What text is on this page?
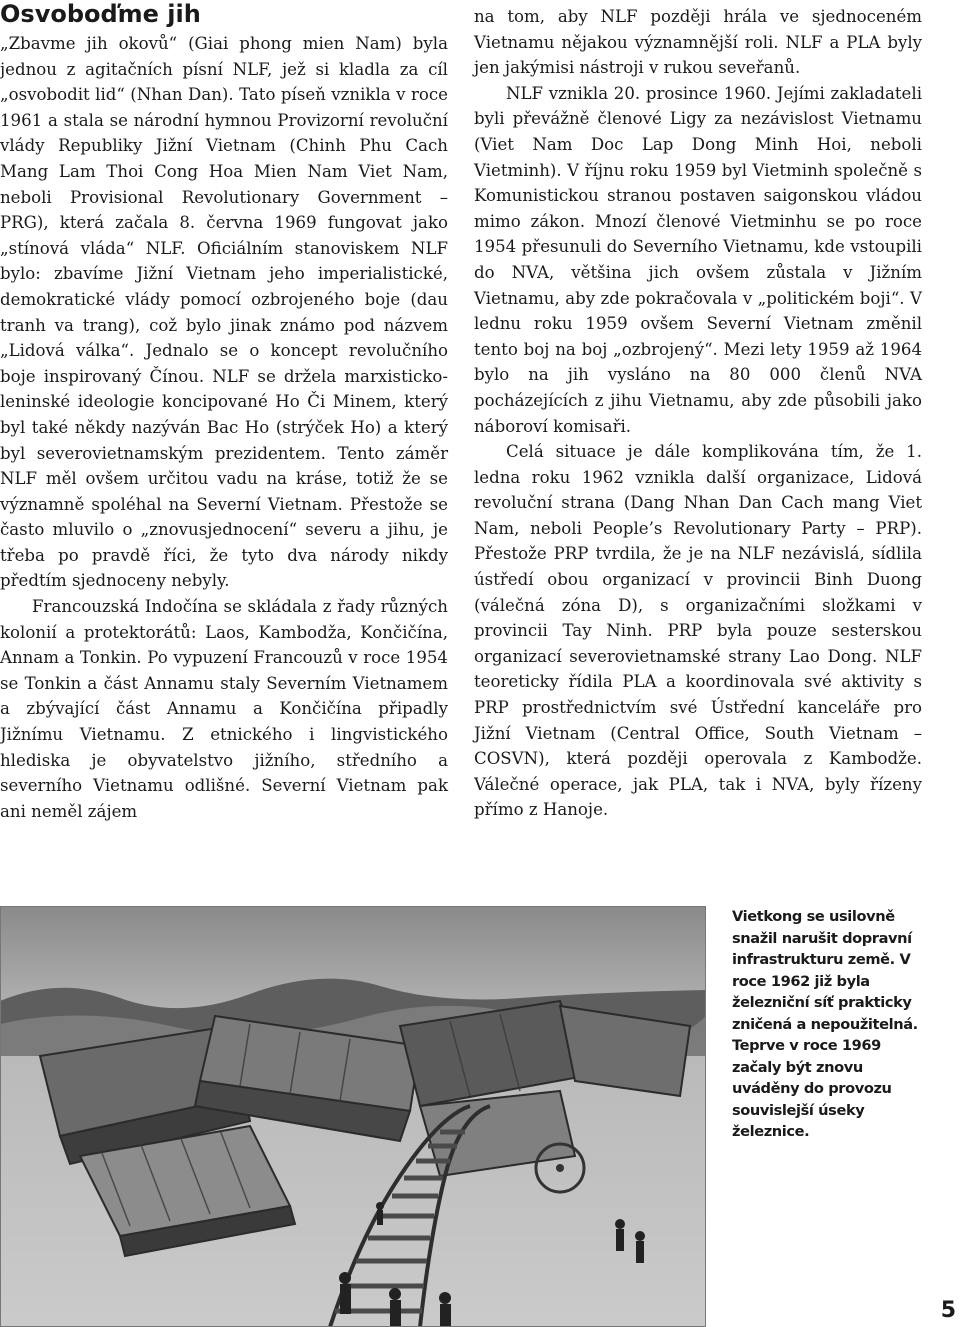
Osvoboďme jih

„Zbavme jih okovů“ (Giai phong mien Nam) byla jednou z agitačních písní NLF, jež si kladla za cíl „osvobodit lid“ (Nhan Dan). Tato píseň vznikla v roce 1961 a stala se národní hymnou Provizorní revoluční vlády Republiky Jižní Vietnam (Chinh Phu Cach Mang Lam Thoi Cong Hoa Mien Nam Viet Nam, neboli Provisional Revolutionary Government – PRG), která začala 8. června 1969 fungovat jako „stínová vláda“ NLF. Oficiálním stanoviskem NLF bylo: zbavíme Jižní Vietnam jeho imperialistické, demokratické vlády pomocí ozbrojeného boje (dau tranh va trang), což bylo jinak známo pod názvem „Lidová válka“. Jednalo se o koncept revolučního boje inspirovaný Čínou. NLF se držela marxisticko-leninské ideologie koncipované Ho Či Minem, který byl také někdy nazýván Bac Ho (strýček Ho) a který byl severovietnamským prezidentem. Tento záměr NLF měl ovšem určitou vadu na kráse, totiž že se významně spoléhal na Severní Vietnam. Přestože se často mluvilo o „znovusjednocení“ severu a jihu, je třeba po pravdě říci, že tyto dva národy nikdy předtím sjednoceny nebyly.

Francouzská Indočína se skládala z řady různých kolonií a protektorátů: Laos, Kambodža, Končičína, Annam a Tonkin. Po vypuzení Francouzů v roce 1954 se Tonkin a část Annamu staly Severním Vietnamem a zbývající část Annamu a Končičína připadly Jižnímu Vietnamu. Z etnického i lingvistického hlediska je obyvatelstvo jižního, středního a severního Vietnamu odlišné. Severní Vietnam pak ani neměl zájem

na tom, aby NLF později hrála ve sjednoceném Vietnamu nějakou významnější roli. NLF a PLA byly jen jakýmisi nástroji v rukou seveřanů.

NLF vznikla 20. prosince 1960. Jejími zakladateli byli převážně členové Ligy za nezávislost Vietnamu (Viet Nam Doc Lap Dong Minh Hoi, neboli Vietminh). V říjnu roku 1959 byl Vietminh společně s Komunistickou stranou postaven saigonskou vládou mimo zákon. Mnozí členové Vietminhu se po roce 1954 přesunuli do Severního Vietnamu, kde vstoupili do NVA, většina jich ovšem zůstala v Jižním Vietnamu, aby zde pokračovala v „politickém boji“. V lednu roku 1959 ovšem Severní Vietnam změnil tento boj na boj „ozbrojený“. Mezi lety 1959 až 1964 bylo na jih vysláno na 80 000 členů NVA pocházejících z jihu Vietnamu, aby zde působili jako náboroví komisaři.

Celá situace je dále komplikována tím, že 1. ledna roku 1962 vznikla další organizace, Lidová revoluční strana (Dang Nhan Dan Cach mang Viet Nam, neboli People’s Revolutionary Party – PRP). Přestože PRP tvrdila, že je na NLF nezávislá, sídlila ústředí obou organizací v provincii Binh Duong (válečná zóna D), s organizačními složkami v provincii Tay Ninh. PRP byla pouze sesterskou organizací severovietnamské strany Lao Dong. NLF teoreticky řídila PLA a koordinovala své aktivity s PRP prostřednictvím své Ústřední kanceláře pro Jižní Vietnam (Central Office, South Vietnam – COSVN), která později operovala z Kambodže. Válečné operace, jak PLA, tak i NVA, byly řízeny přímo z Hanoje.

Vietkong se usilovně snažil narušit dopravní infrastrukturu země. V roce 1962 již byla železniční síť prakticky zničená a nepoužitelná. Teprve v roce 1969 začaly být znovu uváděny do provozu souvislejší úseky železnice.
5
